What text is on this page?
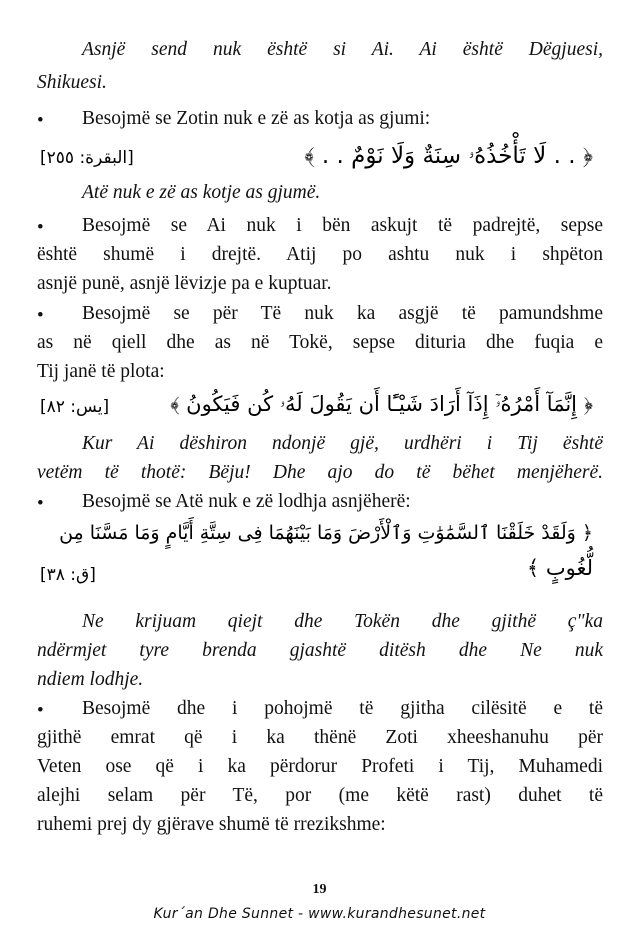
Asnjë send nuk është si Ai. Ai është Dëgjuesi,
Shikuesi.
• Besojmë se Zotin nuk e zë as kotja as gjumi:
﴿ . . لَا تَأْخُذُهُۥ سِنَةٌ وَلَا نَوْمٌ . . ﴾
[البقرة: ٢٥٥]
Atë nuk e zë as kotje as gjumë.
• Besojmë se Ai nuk i bën askujt të padrejtë, sepse
është shumë i drejtë. Atij po ashtu nuk i shpëton
asnjë punë, asnjë lëvizje pa e kuptuar.
• Besojmë se për Të nuk ka asgjë të pamundshme
as në qiell dhe as në Tokë, sepse dituria dhe fuqia e
Tij janë të plota:
﴿ إِنَّمَآ أَمْرُهُۥٓ إِذَآ أَرَادَ شَيْـًٔا أَن يَقُولَ لَهُۥ كُن فَيَكُونُ ﴾
[يس: ٨٢]
Kur Ai dëshiron ndonjë gjë, urdhëri i Tij është
vetëm të thotë: Bëju! Dhe ajo do të bëhet menjëherë.
• Besojmë se Atë nuk e zë lodhja asnjëherë:
﴿ وَلَقَدْ خَلَقْنَا ٱلسَّمَٰوَٰتِ وَٱلْأَرْضَ وَمَا بَيْنَهُمَا فِى سِتَّةِ أَيَّامٍ وَمَا مَسَّنَا مِن
لُّغُوبٍ ﴾
[ق: ٣٨]
Ne krijuam qiejt dhe Tokën dhe gjithë ç"ka
ndërmjet tyre brenda gjashtë ditësh dhe Ne nuk
ndiem lodhje.
• Besojmë dhe i pohojmë të gjitha cilësitë e të
gjithë emrat që i ka thënë Zoti xheeshanuhu për
Veten ose që i ka përdorur Profeti i Tij, Muhamedi
alejhi selam për Të, por (me këtë rast) duhet të
ruhemi prej dy gjërave shumë të rrezikshme:
19
Kur´an Dhe Sunnet - www.kurandhesunet.net
